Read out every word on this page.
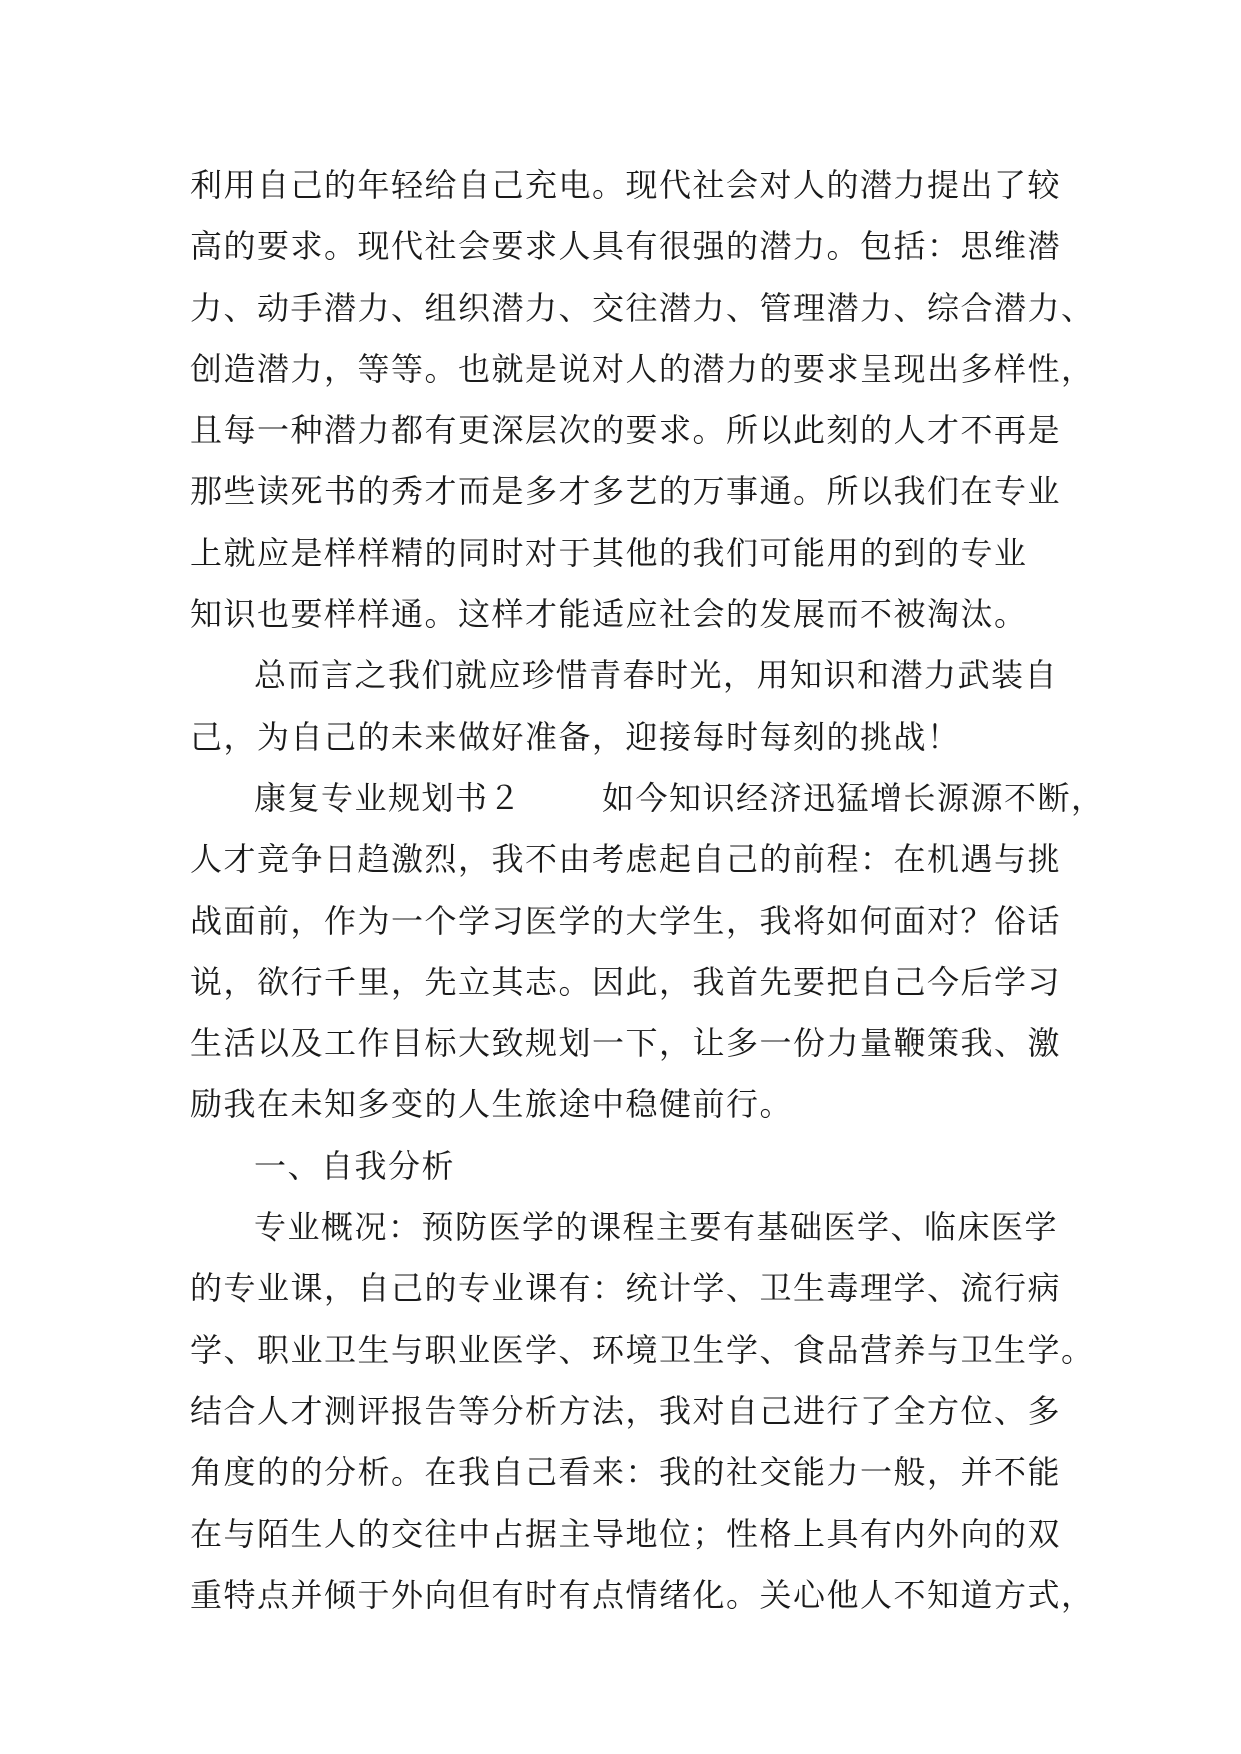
利用自己的年轻给自己充电。现代社会对人的潜力提出了较
高的要求。现代社会要求人具有很强的潜力。包括：思维潜
力、动手潜力、组织潜力、交往潜力、管理潜力、综合潜力、
创造潜力，等等。也就是说对人的潜力的要求呈现出多样性，
且每一种潜力都有更深层次的要求。所以此刻的人才不再是
那些读死书的秀才而是多才多艺的万事通。所以我们在专业
上就应是样样精的同时对于其他的我们可能用的到的专业
知识也要样样通。这样才能适应社会的发展而不被淘汰。
总而言之我们就应珍惜青春时光，用知识和潜力武装自
己，为自己的未来做好准备，迎接每时每刻的挑战！
康复专业规划书２	如今知识经济迅猛增长源源不断，
人才竞争日趋激烈，我不由考虑起自己的前程：在机遇与挑
战面前，作为一个学习医学的大学生，我将如何面对？俗话
说，欲行千里，先立其志。因此，我首先要把自己今后学习
生活以及工作目标大致规划一下，让多一份力量鞭策我、激
励我在未知多变的人生旅途中稳健前行。
一、自我分析
专业概况：预防医学的课程主要有基础医学、临床医学
的专业课，自己的专业课有：统计学、卫生毒理学、流行病
学、职业卫生与职业医学、环境卫生学、食品营养与卫生学。
结合人才测评报告等分析方法，我对自己进行了全方位、多
角度的的分析。在我自己看来：我的社交能力一般，并不能
在与陌生人的交往中占据主导地位；性格上具有内外向的双
重特点并倾于外向但有时有点情绪化。关心他人不知道方式，
